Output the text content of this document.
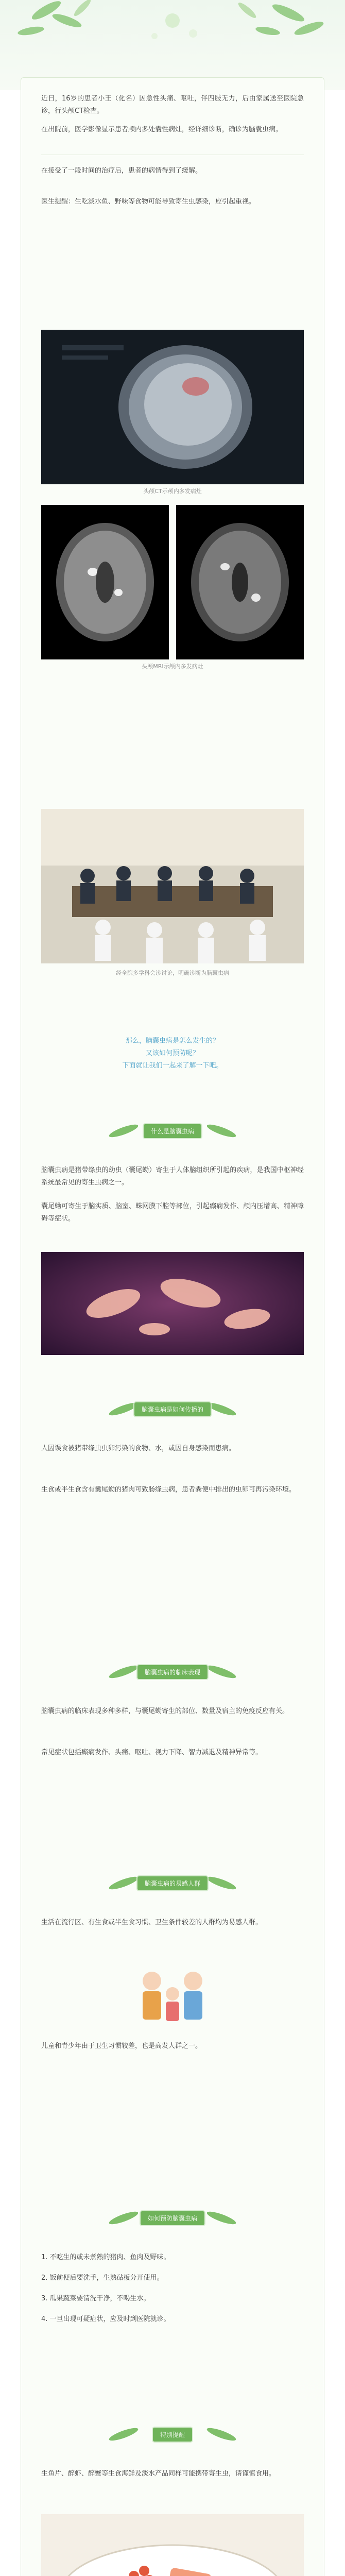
近日，16岁的患者小王（化名）因急性头痛、呕吐，伴四肢无力，后由家属送至医院急诊，行头颅CT检查。

在出院前，医学影像显示患者颅内多处囊性病灶，经详细诊断，确诊为脑囊虫病。

在接受了一段时间的治疗后，患者的病情得到了缓解。

医生提醒：生吃淡水鱼、野味等食物可能导致寄生虫感染，应引起重视。

头颅CT示颅内多发病灶

头颅MRI示颅内多发病灶

经全院多学科会诊讨论，明确诊断为脑囊虫病

那么，脑囊虫病是怎么发生的？

又该如何预防呢？

下面就让我们一起来了解一下吧。

什么是脑囊虫病

脑囊虫病是猪带绦虫的幼虫（囊尾蚴）寄生于人体脑组织所引起的疾病，是我国中枢神经系统最常见的寄生虫病之一。

囊尾蚴可寄生于脑实质、脑室、蛛网膜下腔等部位，引起癫痫发作、颅内压增高、精神障碍等症状。

脑囊虫病是如何传播的

人因误食被猪带绦虫虫卵污染的食物、水，或因自身感染而患病。

生食或半生食含有囊尾蚴的猪肉可致肠绦虫病，患者粪便中排出的虫卵可再污染环境。

脑囊虫病的临床表现

脑囊虫病的临床表现多种多样，与囊尾蚴寄生的部位、数量及宿主的免疫反应有关。

常见症状包括癫痫发作、头痛、呕吐、视力下降、智力减退及精神异常等。

脑囊虫病的易感人群

生活在流行区、有生食或半生食习惯、卫生条件较差的人群均为易感人群。

儿童和青少年由于卫生习惯较差，也是高发人群之一。

如何预防脑囊虫病

1. 不吃生的或未煮熟的猪肉、鱼肉及野味。

2. 饭前便后要洗手，生熟砧板分开使用。

3. 瓜果蔬菜要清洗干净，不喝生水。

4. 一旦出现可疑症状，应及时到医院就诊。

特别提醒

生鱼片、醉虾、醉蟹等生食海鲜及淡水产品同样可能携带寄生虫，请谨慎食用。
